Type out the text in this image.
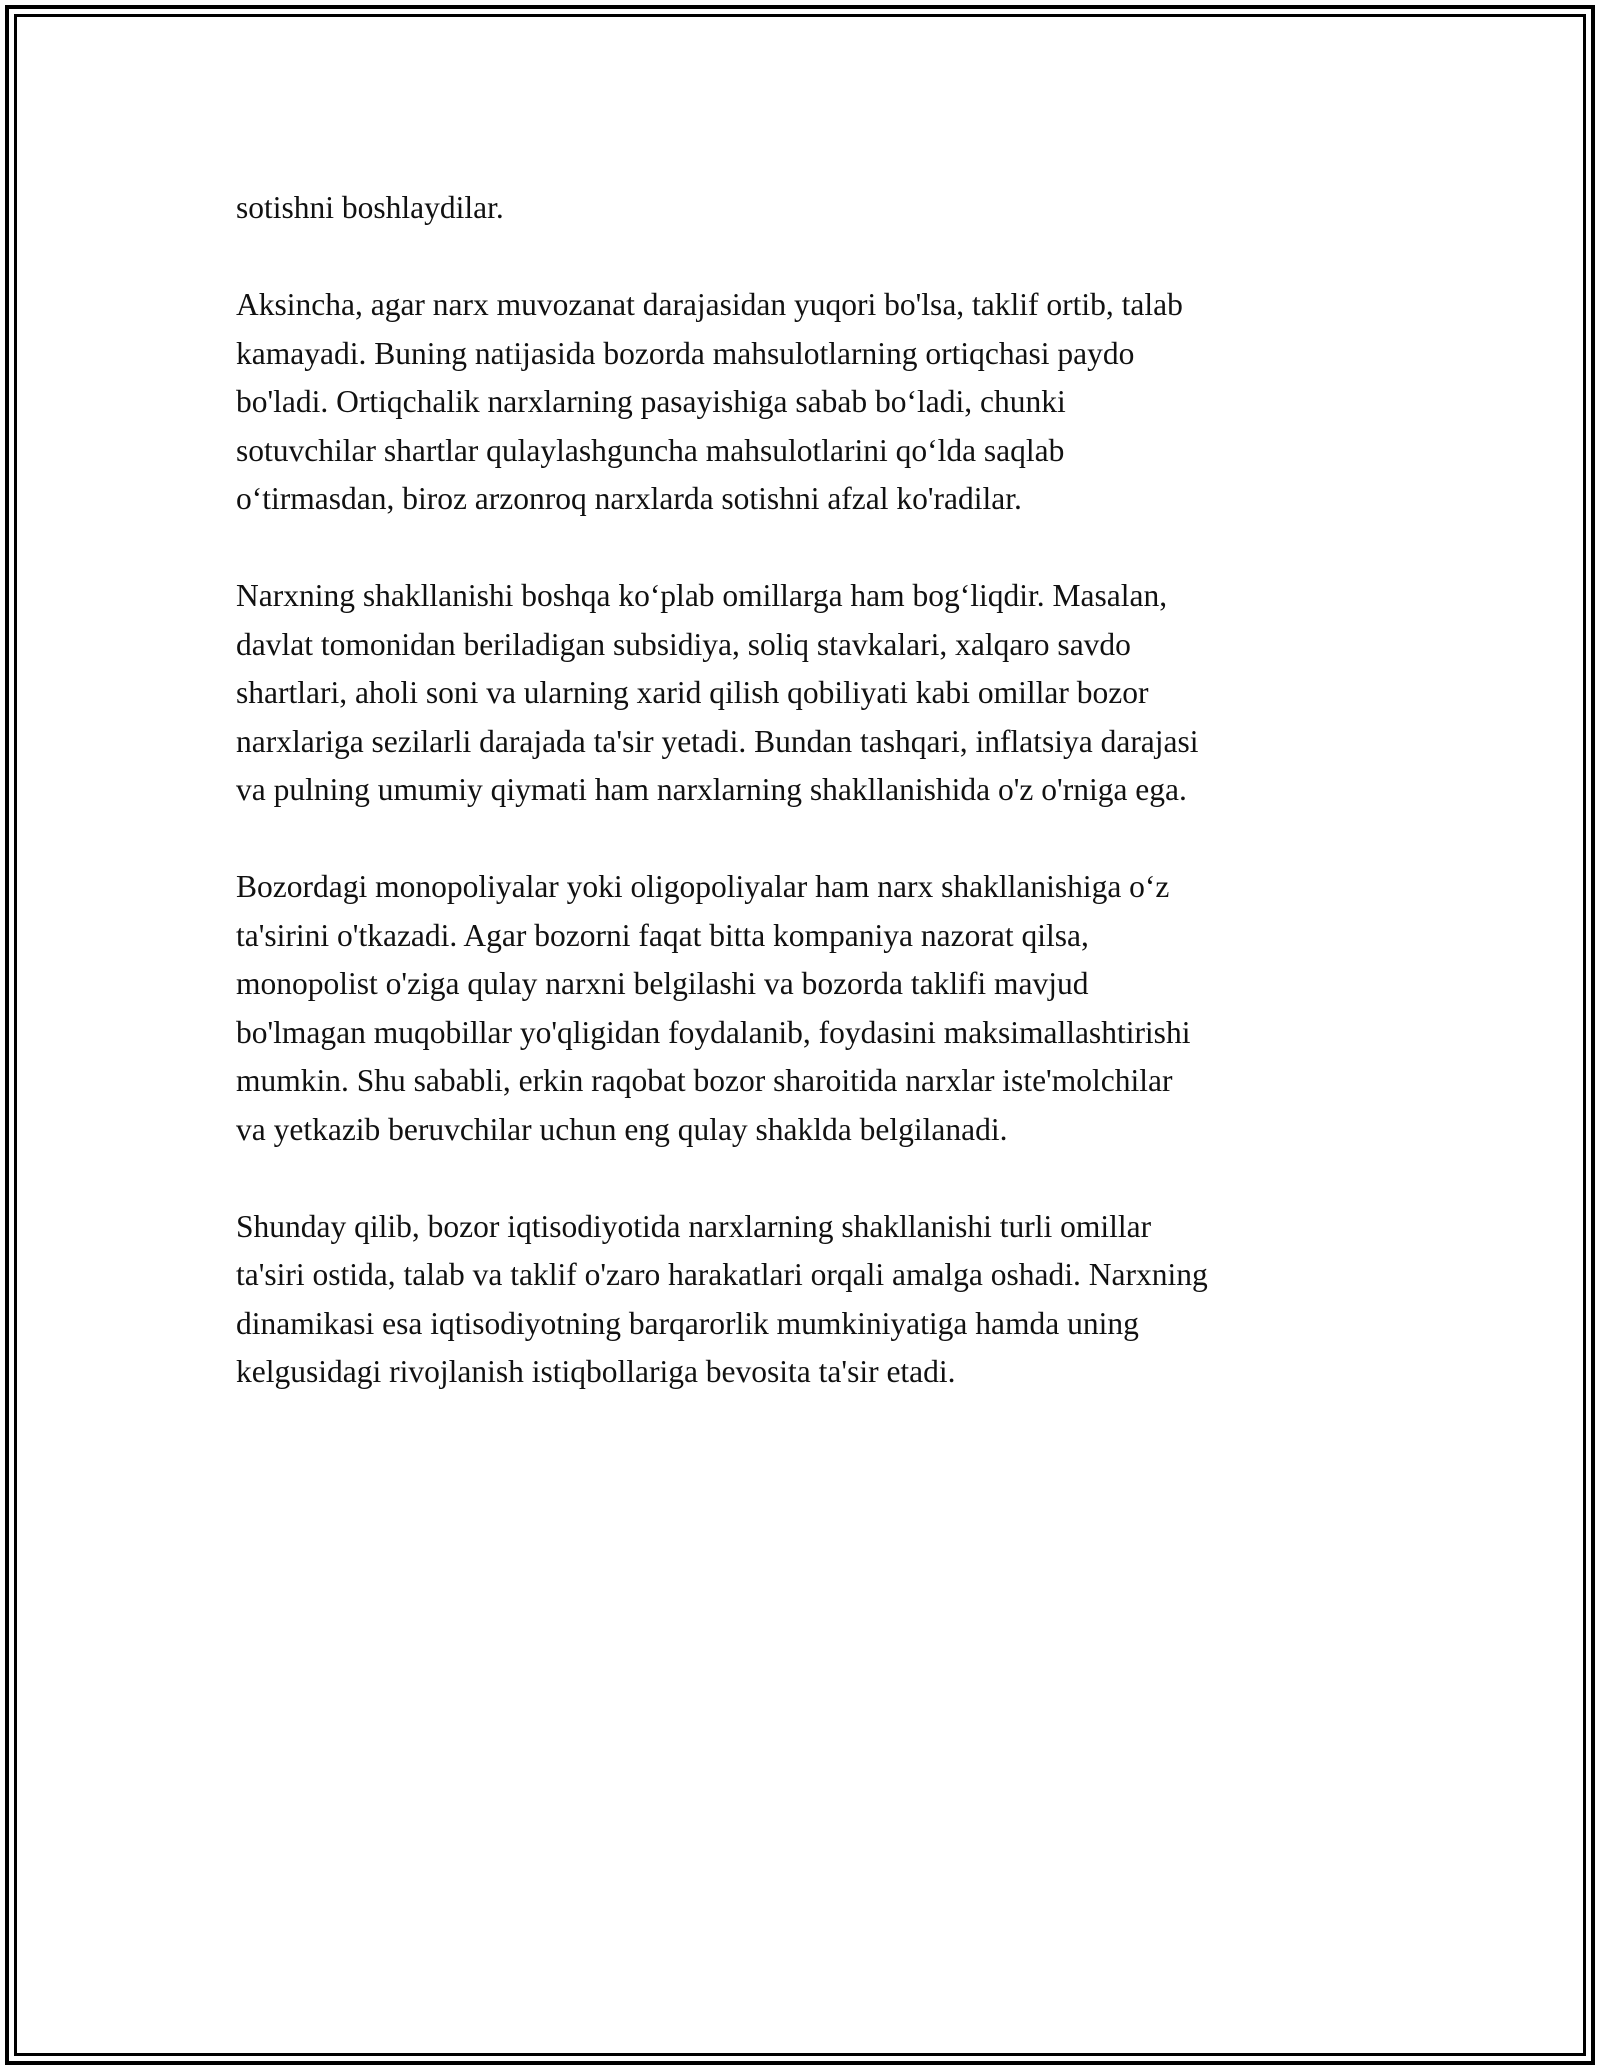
sotishni boshlaydilar.

Aksincha, agar narx muvozanat darajasidan yuqori bo'lsa, taklif ortib, talab
kamayadi. Buning natijasida bozorda mahsulotlarning ortiqchasi paydo
bo'ladi. Ortiqchalik narxlarning pasayishiga sabab bo‘ladi, chunki
sotuvchilar shartlar qulaylashguncha mahsulotlarini qo‘lda saqlab
o‘tirmasdan, biroz arzonroq narxlarda sotishni afzal ko'radilar.

Narxning shakllanishi boshqa ko‘plab omillarga ham bog‘liqdir. Masalan,
davlat tomonidan beriladigan subsidiya, soliq stavkalari, xalqaro savdo
shartlari, aholi soni va ularning xarid qilish qobiliyati kabi omillar bozor
narxlariga sezilarli darajada ta'sir yetadi. Bundan tashqari, inflatsiya darajasi
va pulning umumiy qiymati ham narxlarning shakllanishida o'z o'rniga ega.

Bozordagi monopoliyalar yoki oligopoliyalar ham narx shakllanishiga o‘z
ta'sirini o'tkazadi. Agar bozorni faqat bitta kompaniya nazorat qilsa,
monopolist o'ziga qulay narxni belgilashi va bozorda taklifi mavjud
bo'lmagan muqobillar yo'qligidan foydalanib, foydasini maksimallashtirishi
mumkin. Shu sababli, erkin raqobat bozor sharoitida narxlar iste'molchilar
va yetkazib beruvchilar uchun eng qulay shaklda belgilanadi.

Shunday qilib, bozor iqtisodiyotida narxlarning shakllanishi turli omillar
ta'siri ostida, talab va taklif o'zaro harakatlari orqali amalga oshadi. Narxning
dinamikasi esa iqtisodiyotning barqarorlik mumkiniyatiga hamda uning
kelgusidagi rivojlanish istiqbollariga bevosita ta'sir etadi.
